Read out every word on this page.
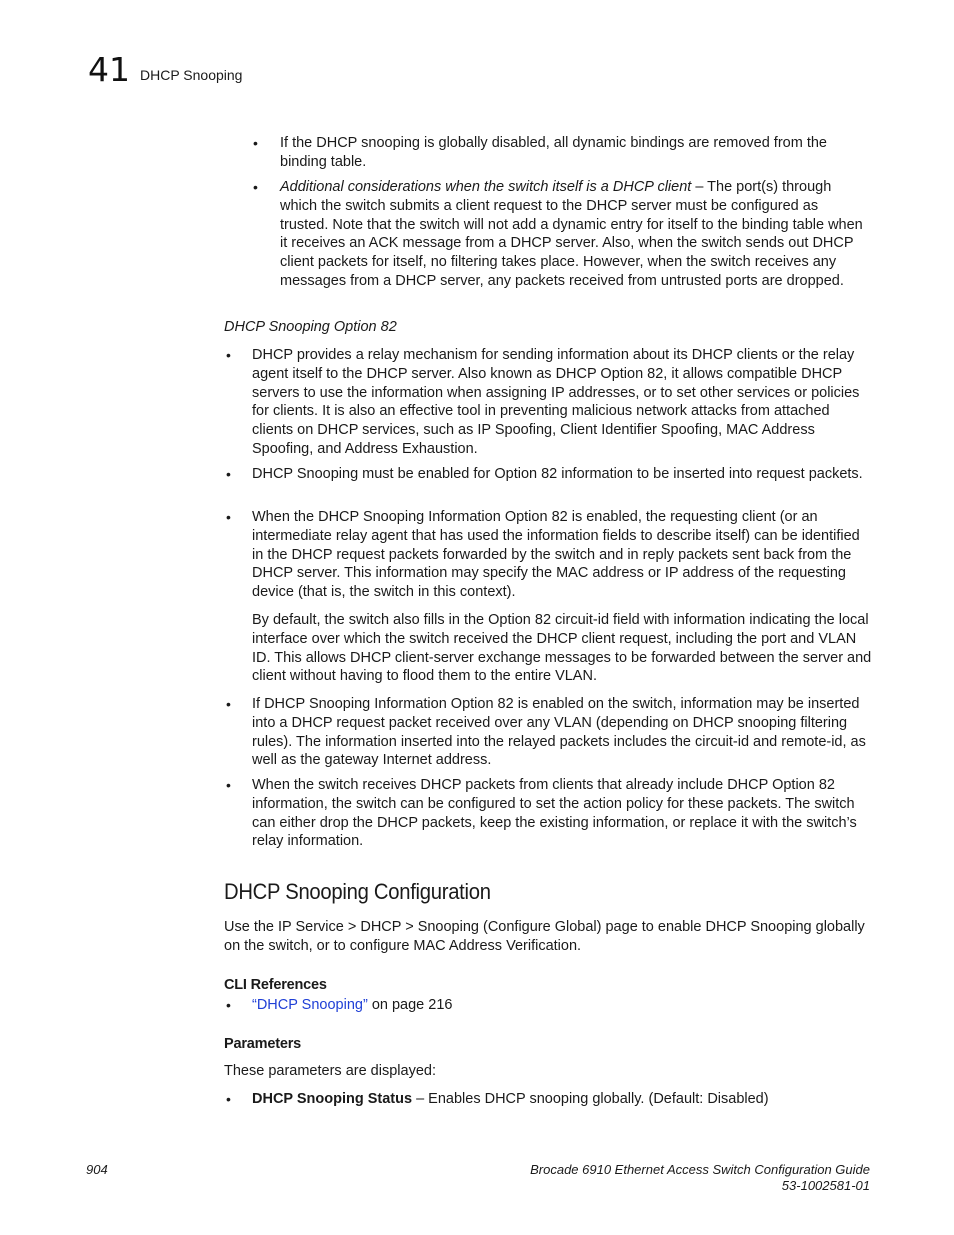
41 DHCP Snooping
• If the DHCP snooping is globally disabled, all dynamic bindings are removed from the binding table.

• Additional considerations when the switch itself is a DHCP client – The port(s) through which the switch submits a client request to the DHCP server must be configured as trusted. Note that the switch will not add a dynamic entry for itself to the binding table when it receives an ACK message from a DHCP server. Also, when the switch sends out DHCP client packets for itself, no filtering takes place. However, when the switch receives any messages from a DHCP server, any packets received from untrusted ports are dropped.

DHCP Snooping Option 82

• DHCP provides a relay mechanism for sending information about its DHCP clients or the relay agent itself to the DHCP server. Also known as DHCP Option 82, it allows compatible DHCP servers to use the information when assigning IP addresses, or to set other services or policies for clients. It is also an effective tool in preventing malicious network attacks from attached clients on DHCP services, such as IP Spoofing, Client Identifier Spoofing, MAC Address Spoofing, and Address Exhaustion.

• DHCP Snooping must be enabled for Option 82 information to be inserted into request packets.

• When the DHCP Snooping Information Option 82 is enabled, the requesting client (or an intermediate relay agent that has used the information fields to describe itself) can be identified in the DHCP request packets forwarded by the switch and in reply packets sent back from the DHCP server. This information may specify the MAC address or IP address of the requesting device (that is, the switch in this context).

By default, the switch also fills in the Option 82 circuit-id field with information indicating the local interface over which the switch received the DHCP client request, including the port and VLAN ID. This allows DHCP client-server exchange messages to be forwarded between the server and client without having to flood them to the entire VLAN.

• If DHCP Snooping Information Option 82 is enabled on the switch, information may be inserted into a DHCP request packet received over any VLAN (depending on DHCP snooping filtering rules). The information inserted into the relayed packets includes the circuit-id and remote-id, as well as the gateway Internet address.

• When the switch receives DHCP packets from clients that already include DHCP Option 82 information, the switch can be configured to set the action policy for these packets. The switch can either drop the DHCP packets, keep the existing information, or replace it with the switch’s relay information.

DHCP Snooping Configuration

Use the IP Service > DHCP > Snooping (Configure Global) page to enable DHCP Snooping globally on the switch, or to configure MAC Address Verification.

CLI References
• “DHCP Snooping” on page 216

Parameters

These parameters are displayed:

• DHCP Snooping Status – Enables DHCP snooping globally. (Default: Disabled)

904	Brocade 6910 Ethernet Access Switch Configuration Guide
53-1002581-01
